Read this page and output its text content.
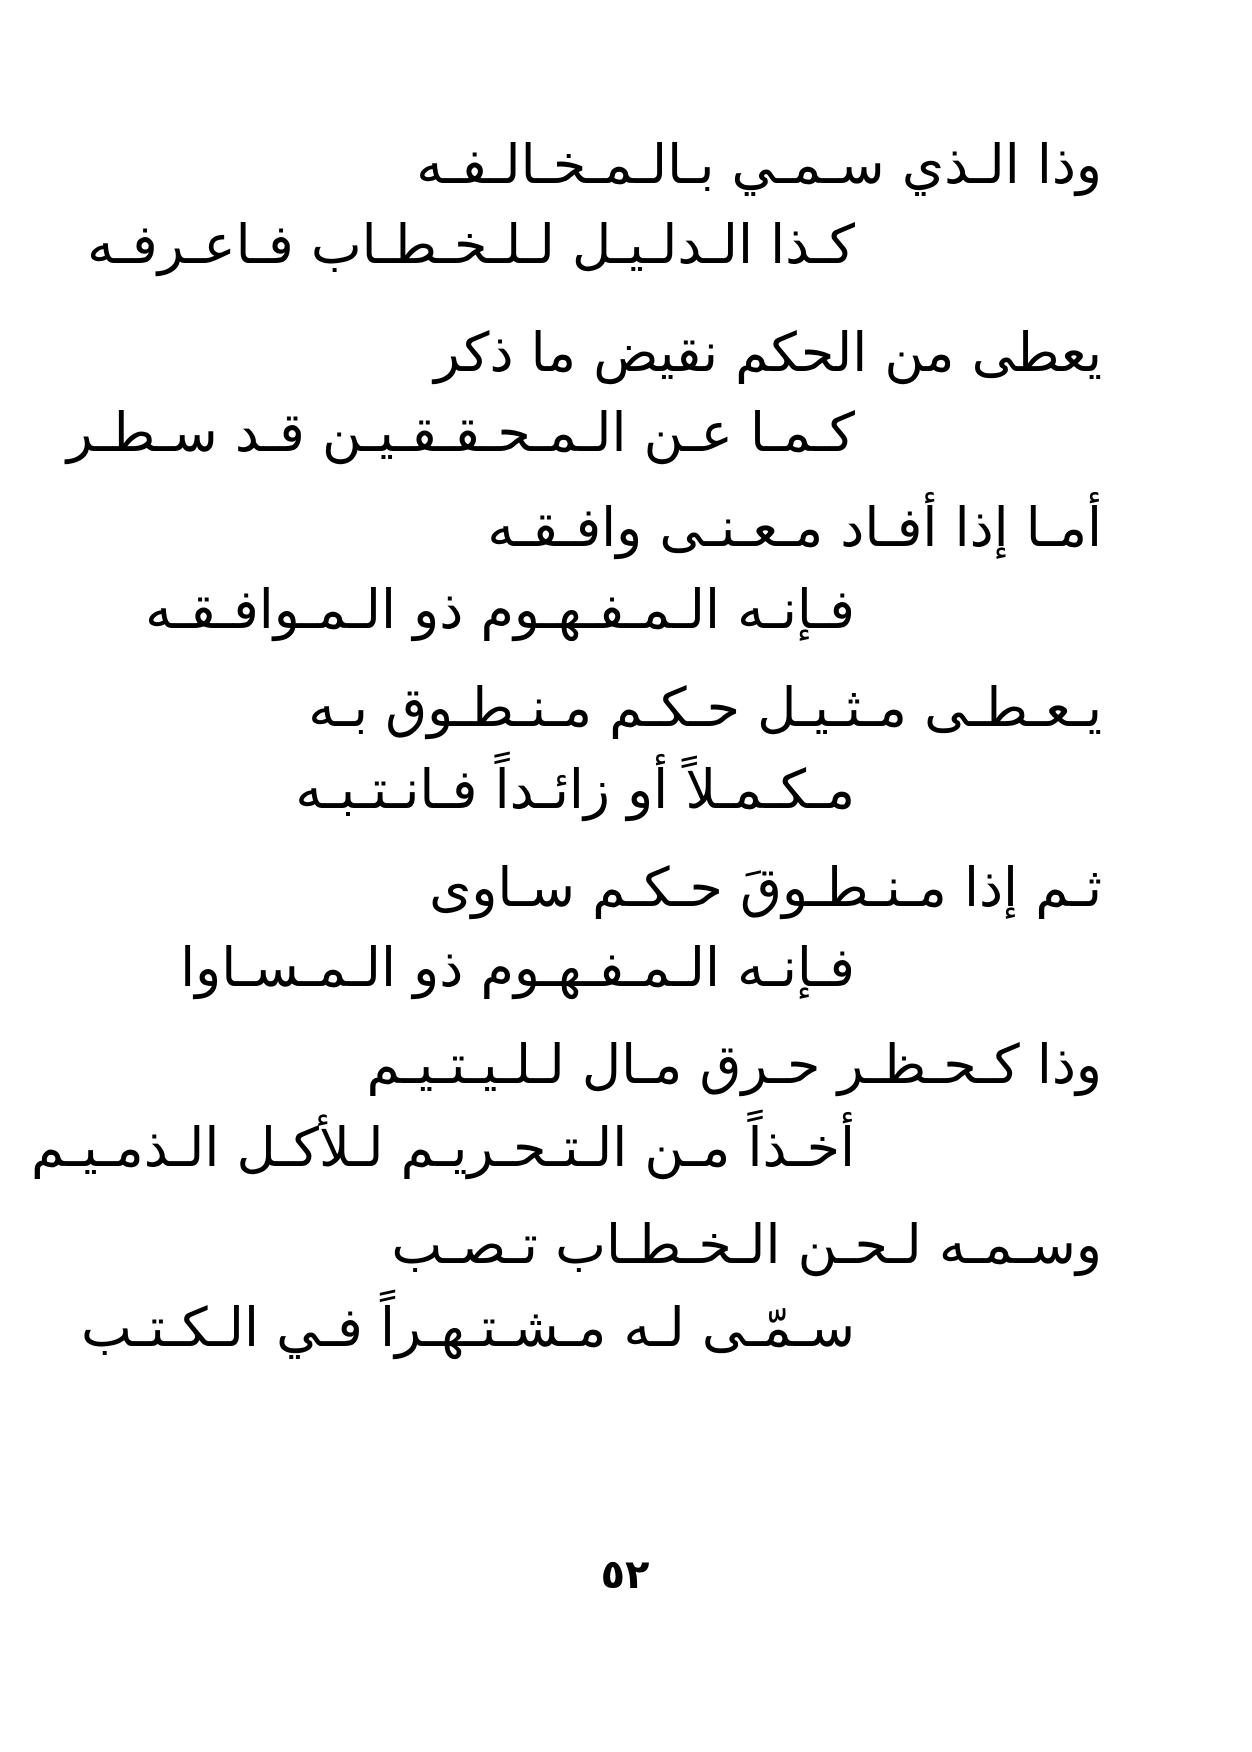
وذا الـذي سـمـي بـالـمـخـالـفـه
كـذا الـدلـيـل لـلـخـطـاب فـاعـرفـه
يعطى من الحكم نقيض ما ذكر
كـمـا عـن الـمـحـقـقـيـن قـد سـطـر
أمـا إذا أفـاد مـعـنـى وافـقـه
فـإنـه الـمـفـهـوم ذو الـمـوافـقـه
يـعـطـى مـثـيـل حـكـم مـنـطـوق بـه
مـكـمـلاً أو زائـداً فـانـتـبـه
ثـم إذا مـنـطـوقَ حـكـم سـاوى
فـإنـه الـمـفـهـوم ذو الـمـسـاوا
وذا كـحـظـر حـرق مـال لـلـيـتـيـم
أخـذاً مـن الـتـحـريـم لـلأكـل الـذمـيـم
وسـمـه لـحـن الـخـطـاب تـصـب
سـمّـى لـه مـشـتـهـراً فـي الـكـتـب
٥٢
